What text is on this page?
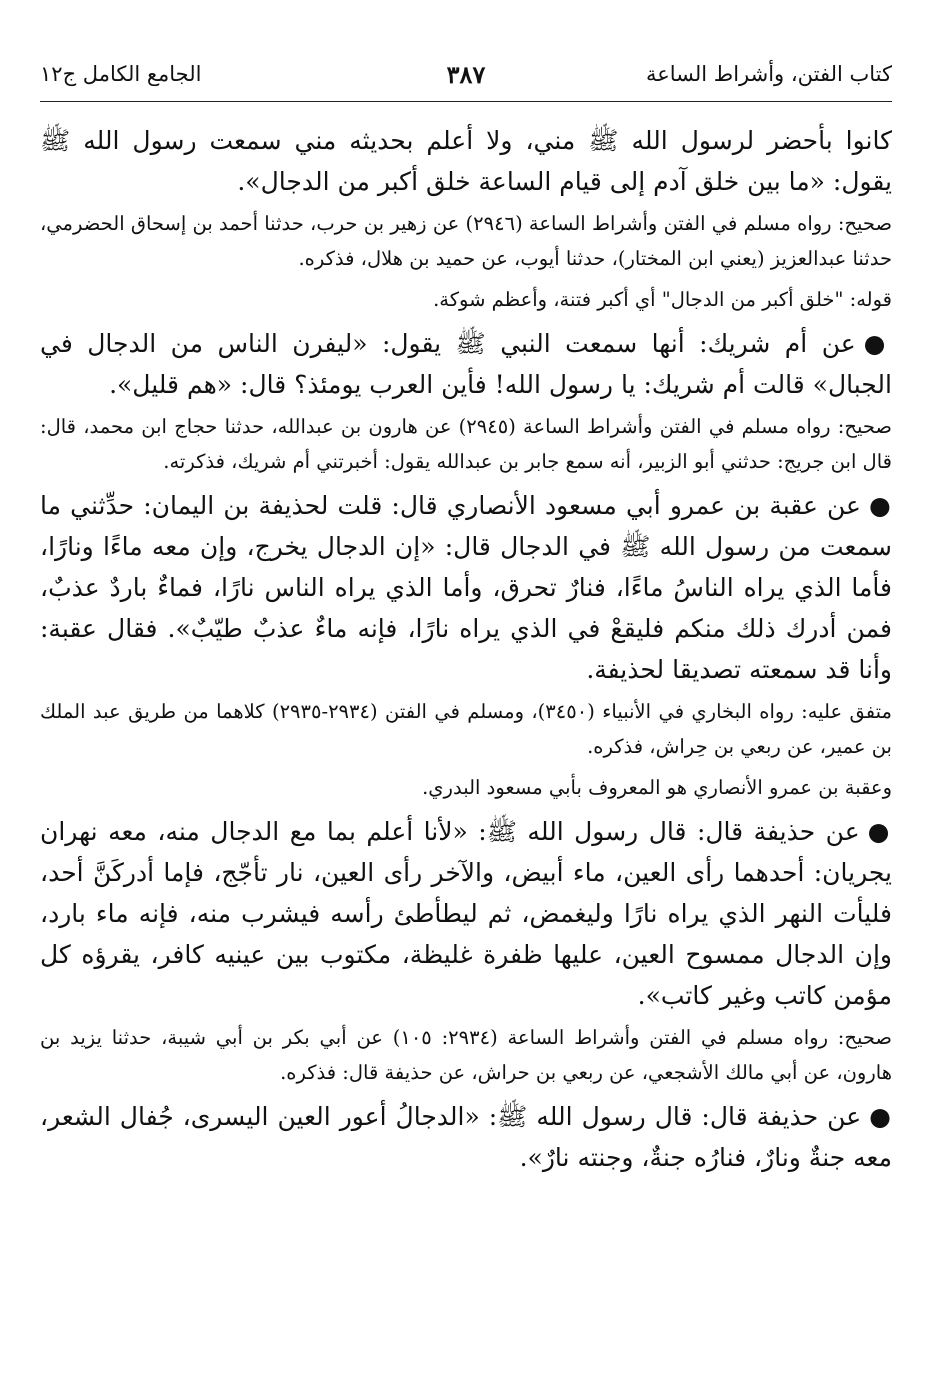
كتاب الفتن، وأشراط الساعة
٣٨٧
الجامع الكامل ج١٢

كانوا بأحضر لرسول الله ﷺ مني، ولا أعلم بحديثه مني سمعت رسول الله ﷺ يقول: «ما بين خلق آدم إلى قيام الساعة خلق أكبر من الدجال».

صحيح: رواه مسلم في الفتن وأشراط الساعة (٢٩٤٦) عن زهير بن حرب، حدثنا أحمد بن إسحاق الحضرمي، حدثنا عبدالعزيز (يعني ابن المختار)، حدثنا أيوب، عن حميد بن هلال، فذكره.

قوله: "خلق أكبر من الدجال" أي أكبر فتنة، وأعظم شوكة.

●عن أم شريك: أنها سمعت النبي ﷺ يقول: «ليفرن الناس من الدجال في الجبال» قالت أم شريك: يا رسول الله! فأين العرب يومئذ؟ قال: «هم قليل».

صحيح: رواه مسلم في الفتن وأشراط الساعة (٢٩٤٥) عن هارون بن عبدالله، حدثنا حجاج ابن محمد، قال: قال ابن جريج: حدثني أبو الزبير، أنه سمع جابر بن عبدالله يقول: أخبرتني أم شريك، فذكرته.

●عن عقبة بن عمرو أبي مسعود الأنصاري قال: قلت لحذيفة بن اليمان: حدِّثني ما سمعت من رسول الله ﷺ في الدجال قال: «إن الدجال يخرج، وإن معه ماءًا ونارًا، فأما الذي يراه الناسُ ماءًا، فنارٌ تحرق، وأما الذي يراه الناس نارًا، فماءٌ باردٌ عذبٌ، فمن أدرك ذلك منكم فليقعْ في الذي يراه نارًا، فإنه ماءٌ عذبٌ طيّبٌ». فقال عقبة: وأنا قد سمعته تصديقا لحذيفة.

متفق عليه: رواه البخاري في الأنبياء (٣٤٥٠)، ومسلم في الفتن (٢٩٣٤-٢٩٣٥) كلاهما من طريق عبد الملك بن عمير، عن ربعي بن حِراش، فذكره.

وعقبة بن عمرو الأنصاري هو المعروف بأبي مسعود البدري.

●عن حذيفة قال: قال رسول الله ﷺ: «لأنا أعلم بما مع الدجال منه، معه نهران يجريان: أحدهما رأى العين، ماء أبيض، والآخر رأى العين، نار تأجّج، فإما أدركَنَّ أحد، فليأت النهر الذي يراه نارًا وليغمض، ثم ليطأطئ رأسه فيشرب منه، فإنه ماء بارد، وإن الدجال ممسوح العين، عليها ظفرة غليظة، مكتوب بين عينيه كافر، يقرؤه كل مؤمن كاتب وغير كاتب».

صحيح: رواه مسلم في الفتن وأشراط الساعة (٢٩٣٤: ١٠٥) عن أبي بكر بن أبي شيبة، حدثنا يزيد بن هارون، عن أبي مالك الأشجعي، عن ربعي بن حراش، عن حذيفة قال: فذكره.

●عن حذيفة قال: قال رسول الله ﷺ: «الدجالُ أعور العين اليسرى، جُفال الشعر، معه جنةٌ ونارٌ، فنارُه جنةٌ، وجنته نارٌ».
